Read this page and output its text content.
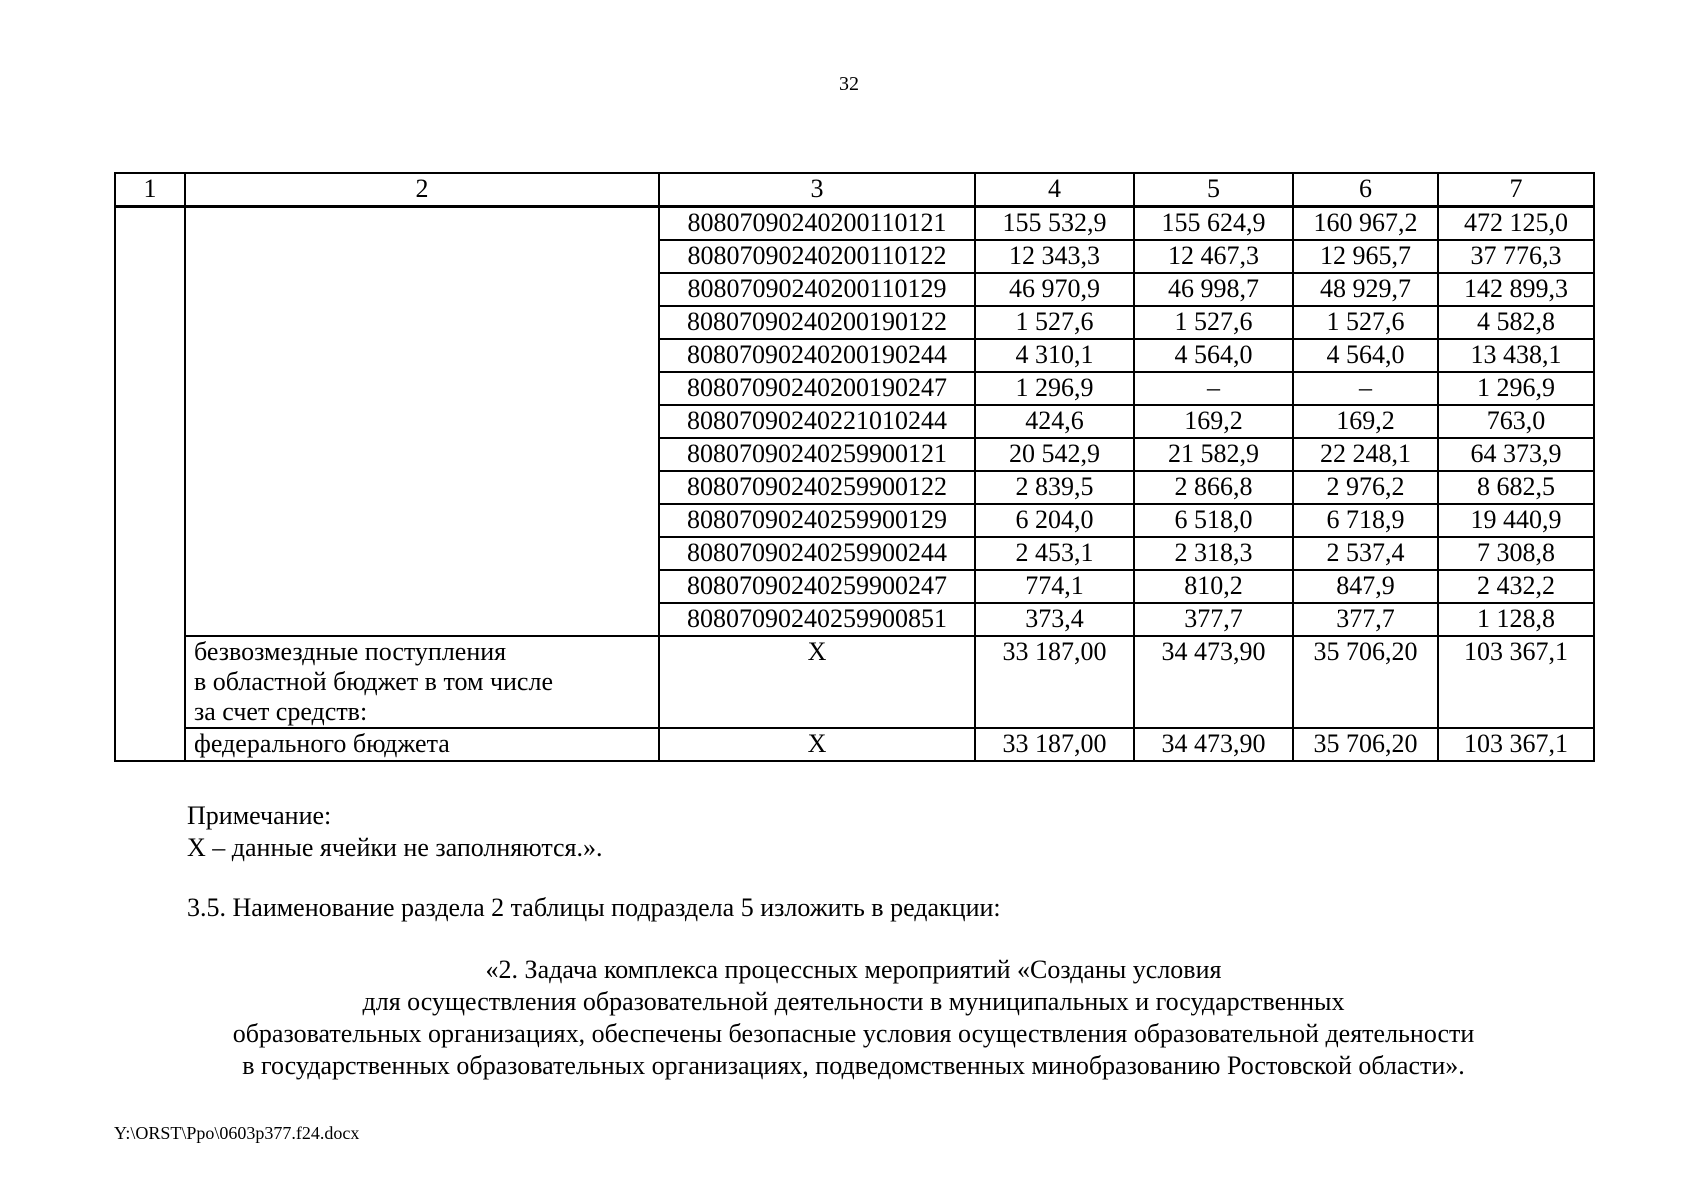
32
1	2	3	4	5	6	7
		80807090240200110121	155 532,9	155 624,9	160 967,2	472 125,0
		80807090240200110122	12 343,3	12 467,3	12 965,7	37 776,3
		80807090240200110129	46 970,9	46 998,7	48 929,7	142 899,3
		80807090240200190122	1 527,6	1 527,6	1 527,6	4 582,8
		80807090240200190244	4 310,1	4 564,0	4 564,0	13 438,1
		80807090240200190247	1 296,9	–	–	1 296,9
		80807090240221010244	424,6	169,2	169,2	763,0
		80807090240259900121	20 542,9	21 582,9	22 248,1	64 373,9
		80807090240259900122	2 839,5	2 866,8	2 976,2	8 682,5
		80807090240259900129	6 204,0	6 518,0	6 718,9	19 440,9
		80807090240259900244	2 453,1	2 318,3	2 537,4	7 308,8
		80807090240259900247	774,1	810,2	847,9	2 432,2
		80807090240259900851	373,4	377,7	377,7	1 128,8

	безвозмездные поступления
в областной бюджет в том числе
за счет средств:	X	33 187,00	34 473,90	35 706,20	103 367,1

	федерального бюджета	X	33 187,00	34 473,90	35 706,20	103 367,1
Примечание:
X – данные ячейки не заполняются.».
3.5. Наименование раздела 2 таблицы подраздела 5 изложить в редакции:
«2. Задача комплекса процессных мероприятий «Созданы условия
для осуществления образовательной деятельности в муниципальных и государственных
образовательных организациях, обеспечены безопасные условия осуществления образовательной деятельности
в государственных образовательных организациях, подведомственных минобразованию Ростовской области».
Y:\ORST\Ppo\0603p377.f24.docx
